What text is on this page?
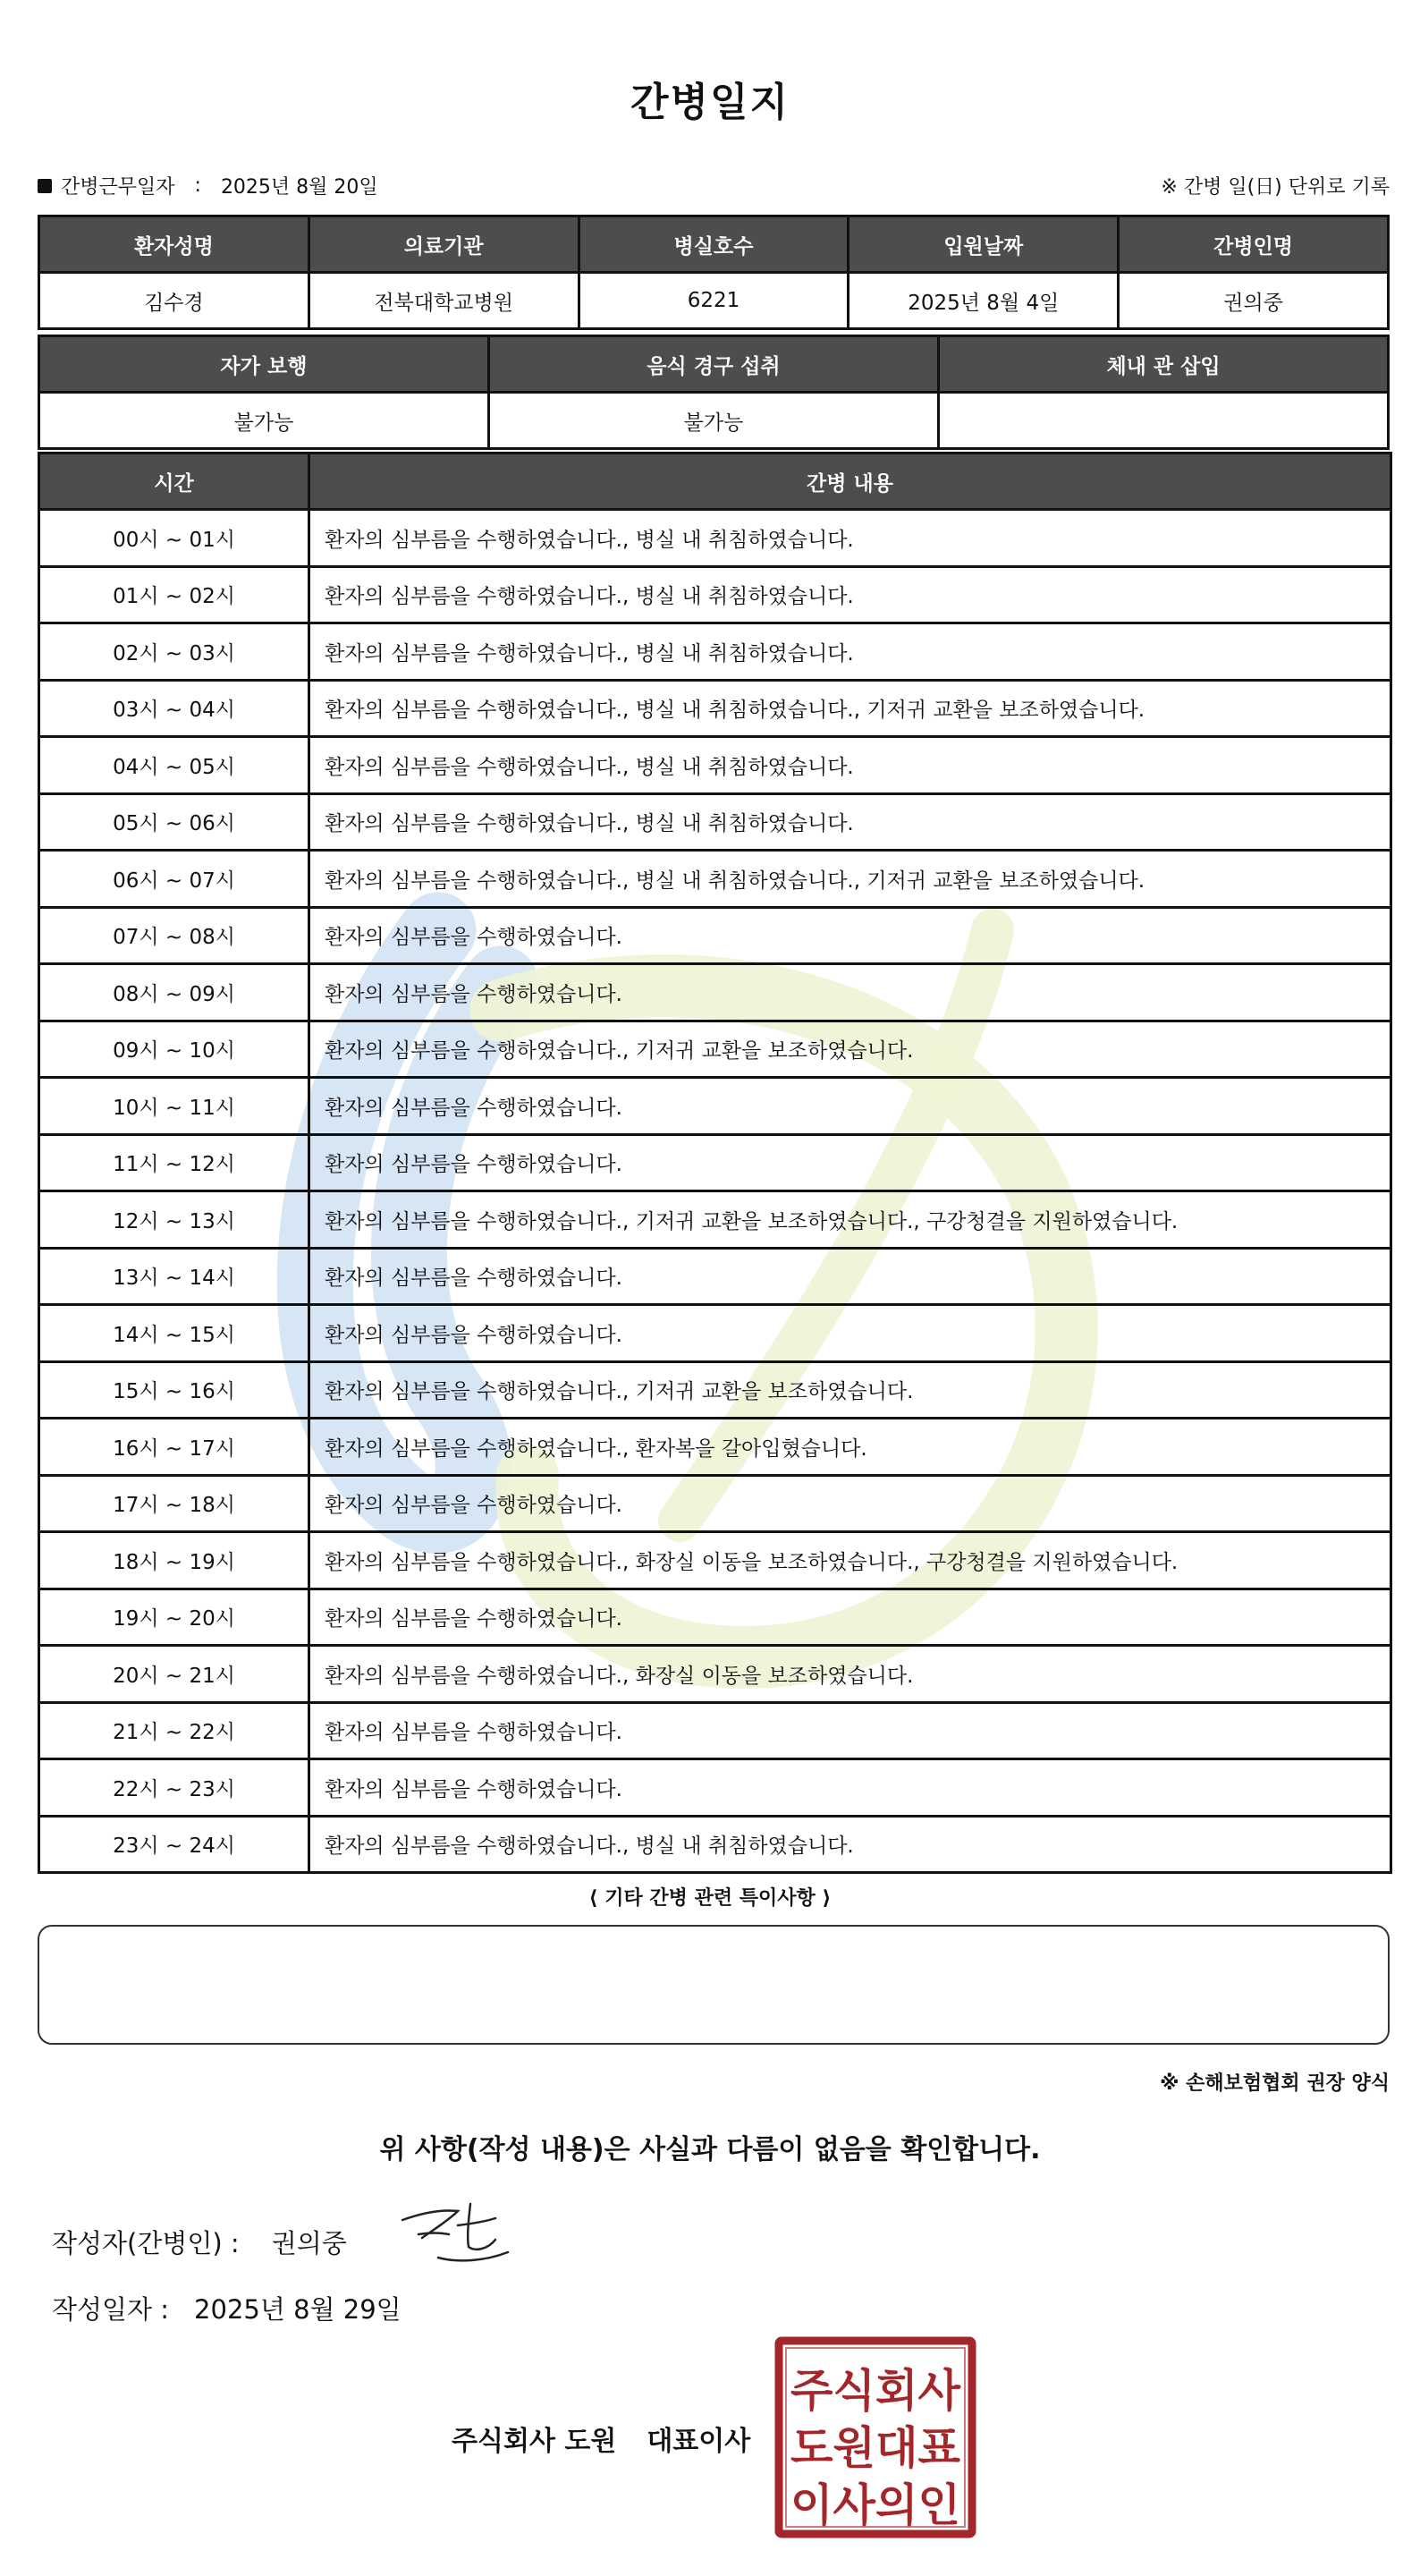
간병일지
간병근무일자 : 2025년 8월 20일	※ 간병 일(日) 단위로 기록
환자성명	의료기관	병실호수	입원날짜	간병인명
김수경	전북대학교병원	6221	2025년 8월 4일	권의중
자가 보행	음식 경구 섭취	체내 관 삽입
불가능	불가능	
시간	간병 내용
00시 ~ 01시	환자의 심부름을 수행하였습니다., 병실 내 취침하였습니다.
01시 ~ 02시	환자의 심부름을 수행하였습니다., 병실 내 취침하였습니다.
02시 ~ 03시	환자의 심부름을 수행하였습니다., 병실 내 취침하였습니다.
03시 ~ 04시	환자의 심부름을 수행하였습니다., 병실 내 취침하였습니다., 기저귀 교환을 보조하였습니다.
04시 ~ 05시	환자의 심부름을 수행하였습니다., 병실 내 취침하였습니다.
05시 ~ 06시	환자의 심부름을 수행하였습니다., 병실 내 취침하였습니다.
06시 ~ 07시	환자의 심부름을 수행하였습니다., 병실 내 취침하였습니다., 기저귀 교환을 보조하였습니다.
07시 ~ 08시	환자의 심부름을 수행하였습니다.
08시 ~ 09시	환자의 심부름을 수행하였습니다.
09시 ~ 10시	환자의 심부름을 수행하였습니다., 기저귀 교환을 보조하였습니다.
10시 ~ 11시	환자의 심부름을 수행하였습니다.
11시 ~ 12시	환자의 심부름을 수행하였습니다.
12시 ~ 13시	환자의 심부름을 수행하였습니다., 기저귀 교환을 보조하였습니다., 구강청결을 지원하였습니다.
13시 ~ 14시	환자의 심부름을 수행하였습니다.
14시 ~ 15시	환자의 심부름을 수행하였습니다.
15시 ~ 16시	환자의 심부름을 수행하였습니다., 기저귀 교환을 보조하였습니다.
16시 ~ 17시	환자의 심부름을 수행하였습니다., 환자복을 갈아입혔습니다.
17시 ~ 18시	환자의 심부름을 수행하였습니다.
18시 ~ 19시	환자의 심부름을 수행하였습니다., 화장실 이동을 보조하였습니다., 구강청결을 지원하였습니다.
19시 ~ 20시	환자의 심부름을 수행하였습니다.
20시 ~ 21시	환자의 심부름을 수행하였습니다., 화장실 이동을 보조하였습니다.
21시 ~ 22시	환자의 심부름을 수행하였습니다.
22시 ~ 23시	환자의 심부름을 수행하였습니다.
23시 ~ 24시	환자의 심부름을 수행하였습니다., 병실 내 취침하였습니다.
⟨ 기타 간병 관련 특이사항 ⟩
※ 손해보험협회 권장 양식
위 사항(작성 내용)은 사실과 다름이 없음을 확인합니다.
작성자(간병인) : 권의중
작성일자 : 2025년 8월 29일
주식회사 도원 대표이사
주식회사
도원대표
이사의인
